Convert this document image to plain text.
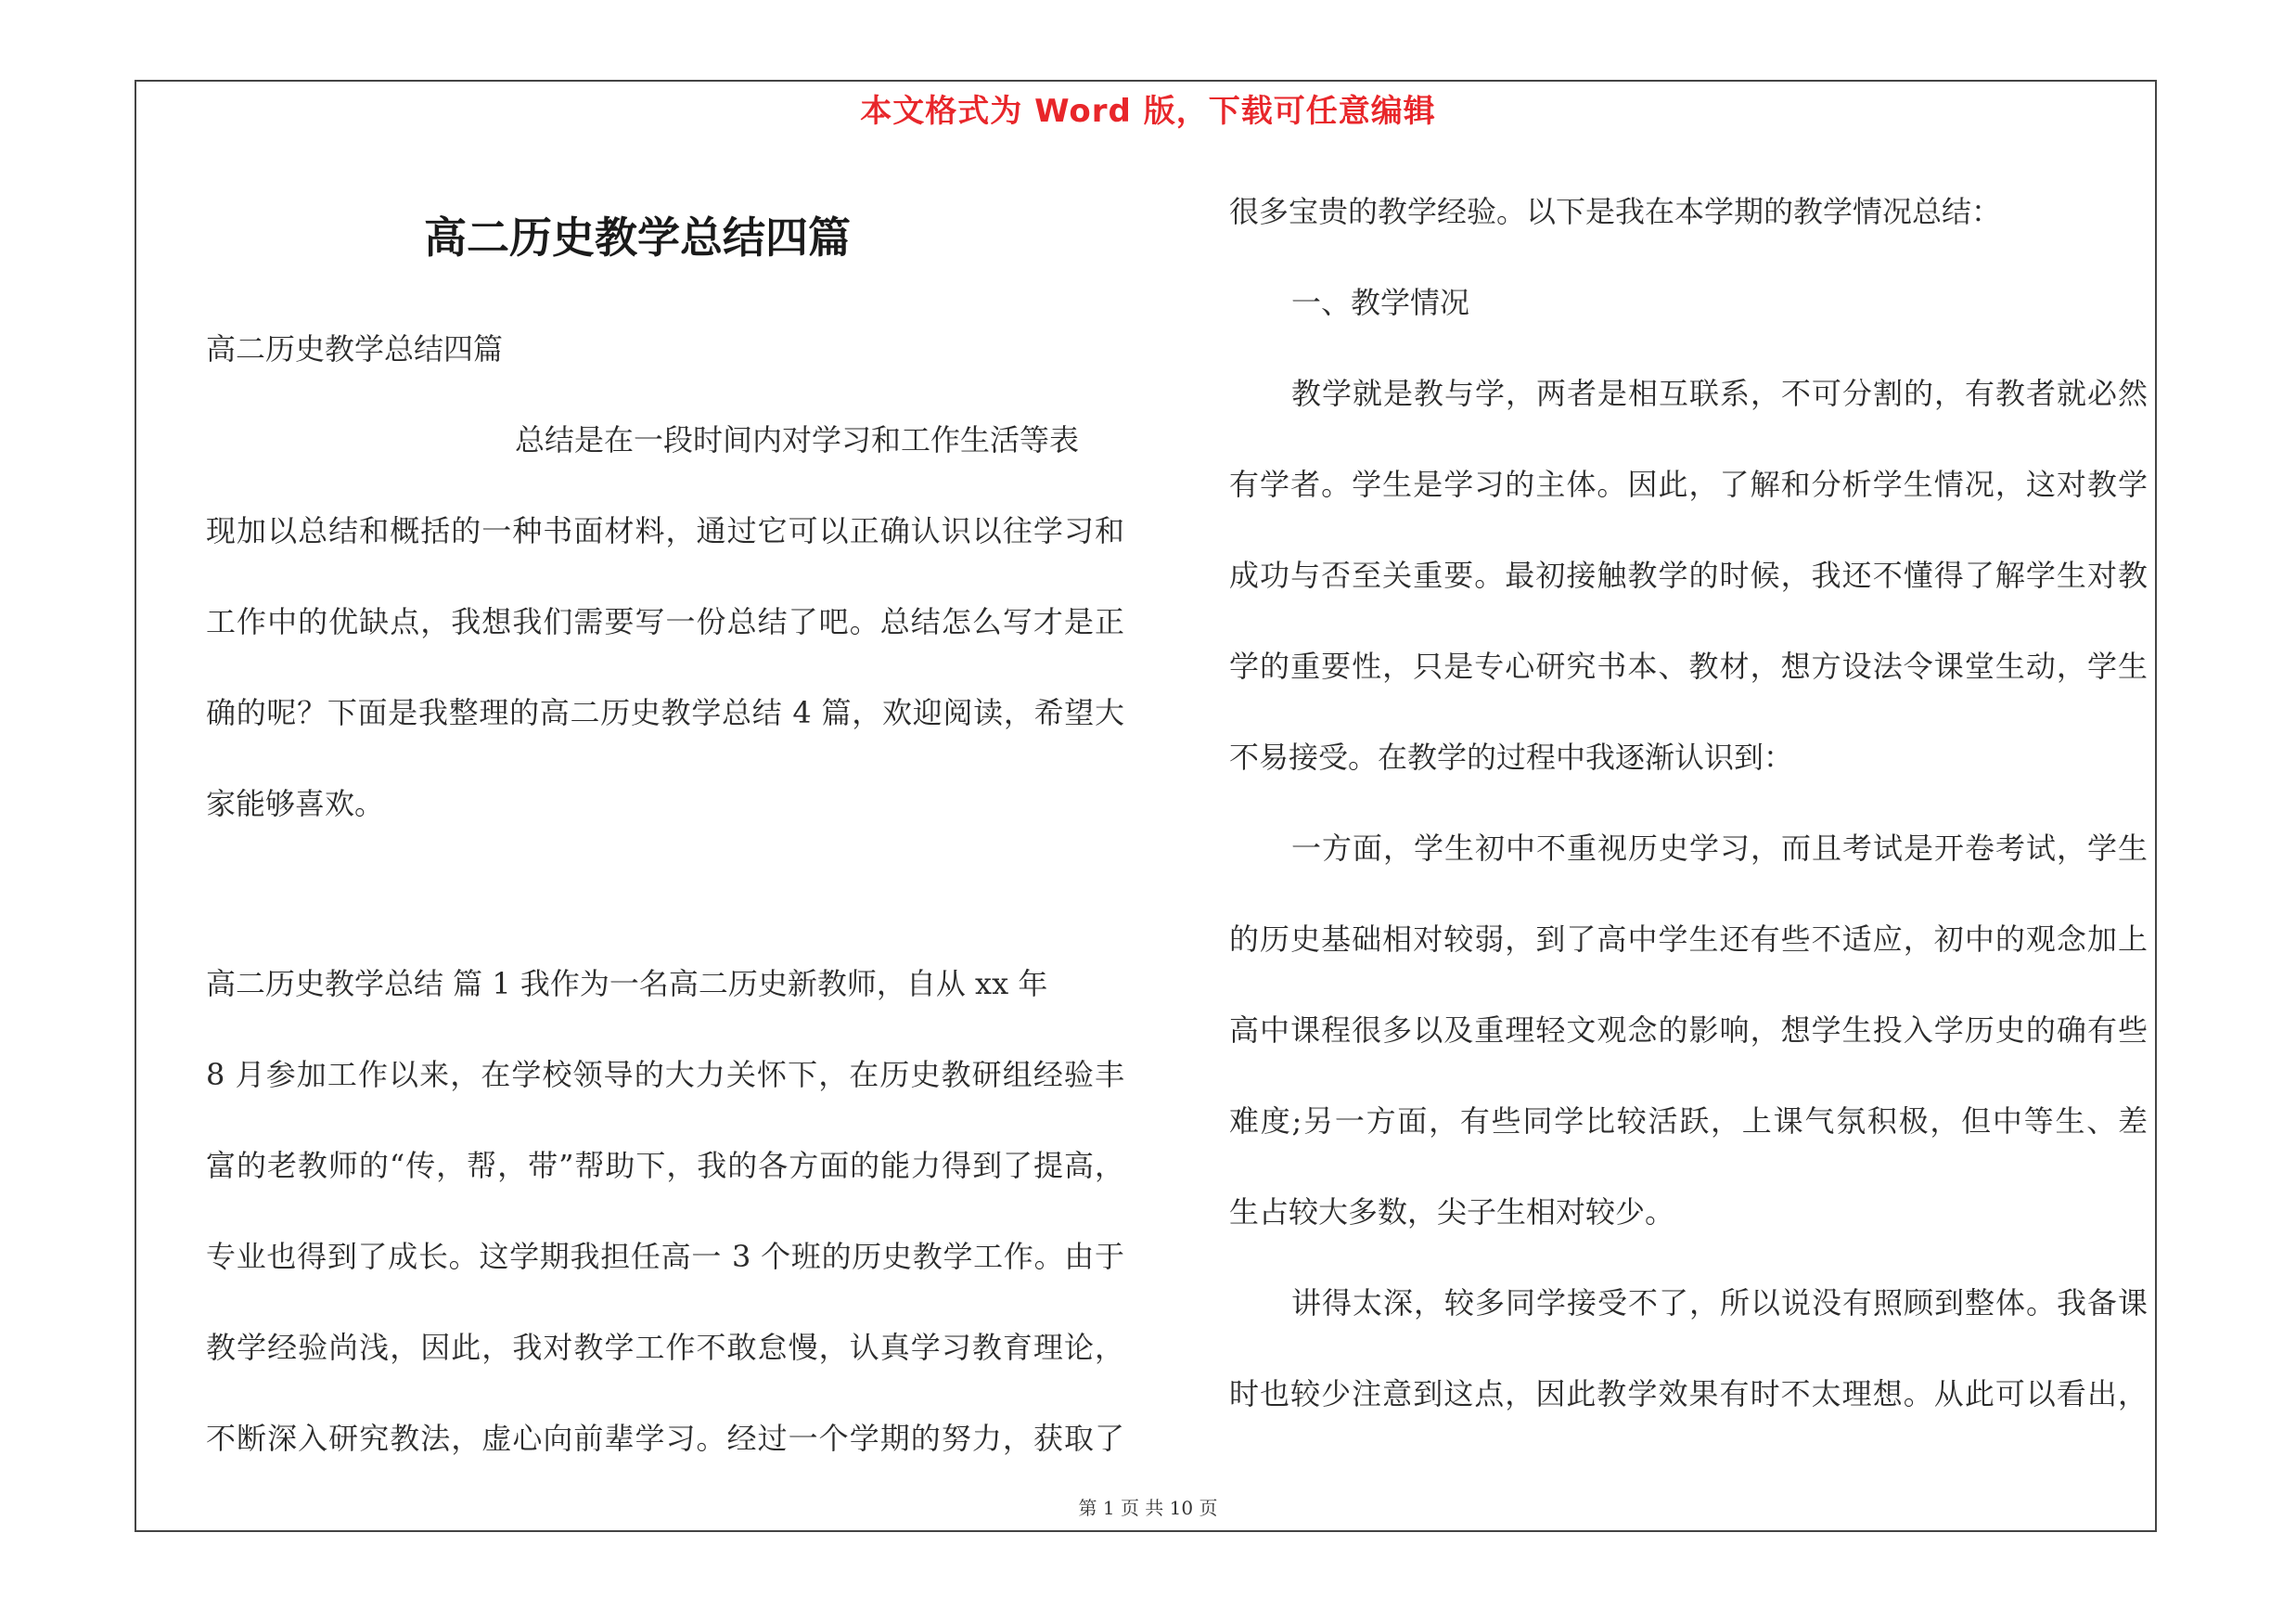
本文格式为 Word 版，下载可任意编辑
高二历史教学总结四篇

高二历史教学总结四篇

总结是在一段时间内对学习和工作生活等表

现加以总结和概括的一种书面材料，通过它可以正确认识以往学习和

工作中的优缺点，我想我们需要写一份总结了吧。总结怎么写才是正

确的呢？下面是我整理的高二历史教学总结 4 篇，欢迎阅读，希望大

家能够喜欢。

高二历史教学总结 篇 1 我作为一名高二历史新教师，自从 xx 年

8 月参加工作以来，在学校领导的大力关怀下，在历史教研组经验丰

富的老教师的“传，帮，带”帮助下，我的各方面的能力得到了提高，

专业也得到了成长。这学期我担任高一 3 个班的历史教学工作。由于

教学经验尚浅，因此，我对教学工作不敢怠慢，认真学习教育理论，

不断深入研究教法，虚心向前辈学习。经过一个学期的努力，获取了

很多宝贵的教学经验。以下是我在本学期的教学情况总结：

一、教学情况

教学就是教与学，两者是相互联系，不可分割的，有教者就必然

有学者。学生是学习的主体。因此，了解和分析学生情况，这对教学

成功与否至关重要。最初接触教学的时候，我还不懂得了解学生对教

学的重要性，只是专心研究书本、教材，想方设法令课堂生动，学生

不易接受。在教学的过程中我逐渐认识到：

一方面，学生初中不重视历史学习，而且考试是开卷考试，学生

的历史基础相对较弱，到了高中学生还有些不适应，初中的观念加上

高中课程很多以及重理轻文观念的影响，想学生投入学历史的确有些

难度;另一方面，有些同学比较活跃，上课气氛积极，但中等生、差

生占较大多数，尖子生相对较少。

讲得太深，较多同学接受不了，所以说没有照顾到整体。我备课

时也较少注意到这点，因此教学效果有时不太理想。从此可以看出，

第 1 页 共 10 页
